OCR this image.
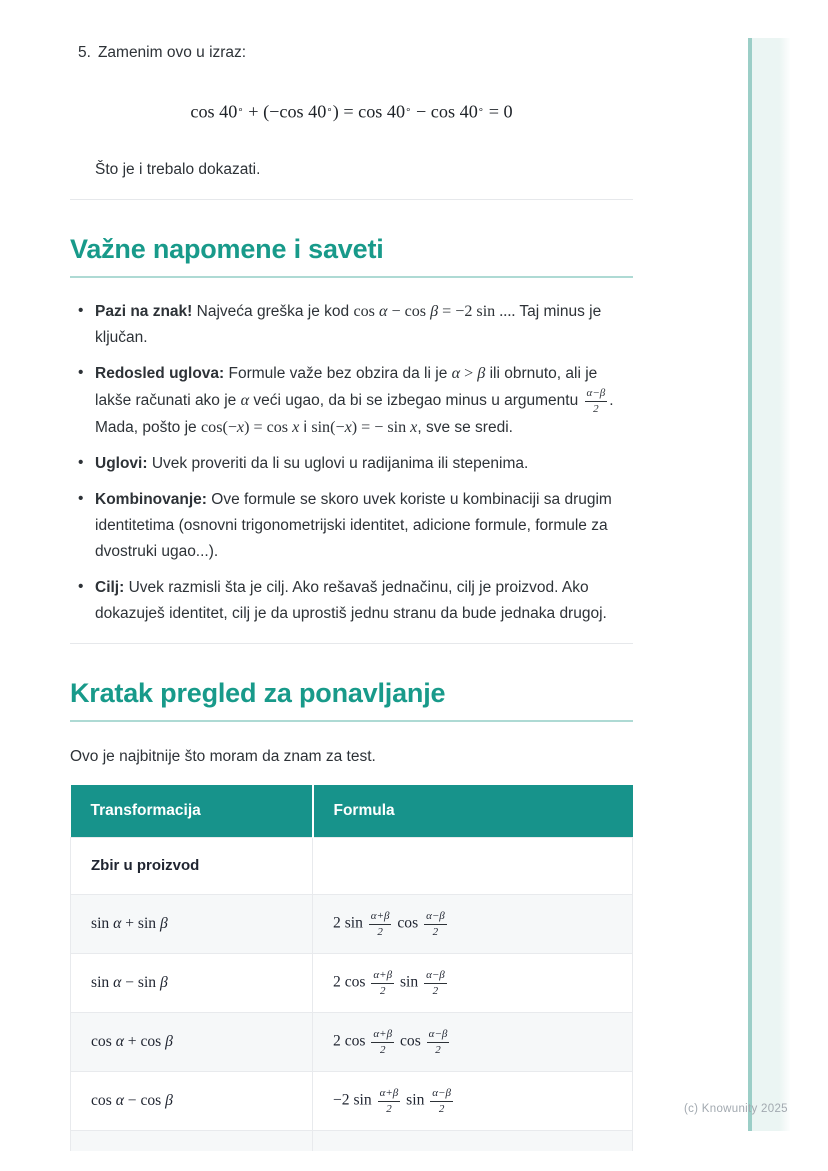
5. Zamenim ovo u izraz:
cos 40∘ + (−cos 40∘) = cos 40∘ − cos 40∘ = 0

Što je i trebalo dokazati.

Važne napomene i saveti
• Pazi na znak! Najveća greška je kod cos α − cos β = −2 sin .... Taj minus je ključan.
• Redosled uglova: Formule važe bez obzira da li je α > β ili obrnuto, ali je lakše računati ako je α veći ugao, da bi se izbegao minus u argumentu $\frac{\alpha-\beta}{2}$ . Mada, pošto je cos(−x) = cos x i sin(−x) = − sin x, sve se sredi.
• Uglovi: Uvek proveriti da li su uglovi u radijanima ili stepenima.
• Kombinovanje: Ove formule se skoro uvek koriste u kombinaciji sa drugim identitetima (osnovni trigonometrijski identitet, adicione formule, formule za dvostruki ugao...).
• Cilj: Uvek razmisli šta je cilj. Ako rešavaš jednačinu, cilj je proizvod. Ako dokazuješ identitet, cilj je da uprostiš jednu stranu da bude jednaka drugoj.
Kratak pregled za ponavljanje

Ovo je najbitnije što moram da znam za test.

Transformacija	Formula
Zbir u proizvod	
sin α + sin β	2 $\sin \frac{\alpha+\beta}{2}$ $\cos \frac{\alpha-\beta}{2}$

sin α − sin β	2 $\cos \frac{\alpha+\beta}{2}$ $\sin \frac{\alpha-\beta}{2}$

cos α + cos β	2 $\cos \frac{\alpha+\beta}{2}$ $\cos \frac{\alpha-\beta}{2}$

cos α − cos β	−2 $\sin \frac{\alpha+\beta}{2}$ $\sin \frac{\alpha-\beta}{2}$

		(c) Knowunity 2025
